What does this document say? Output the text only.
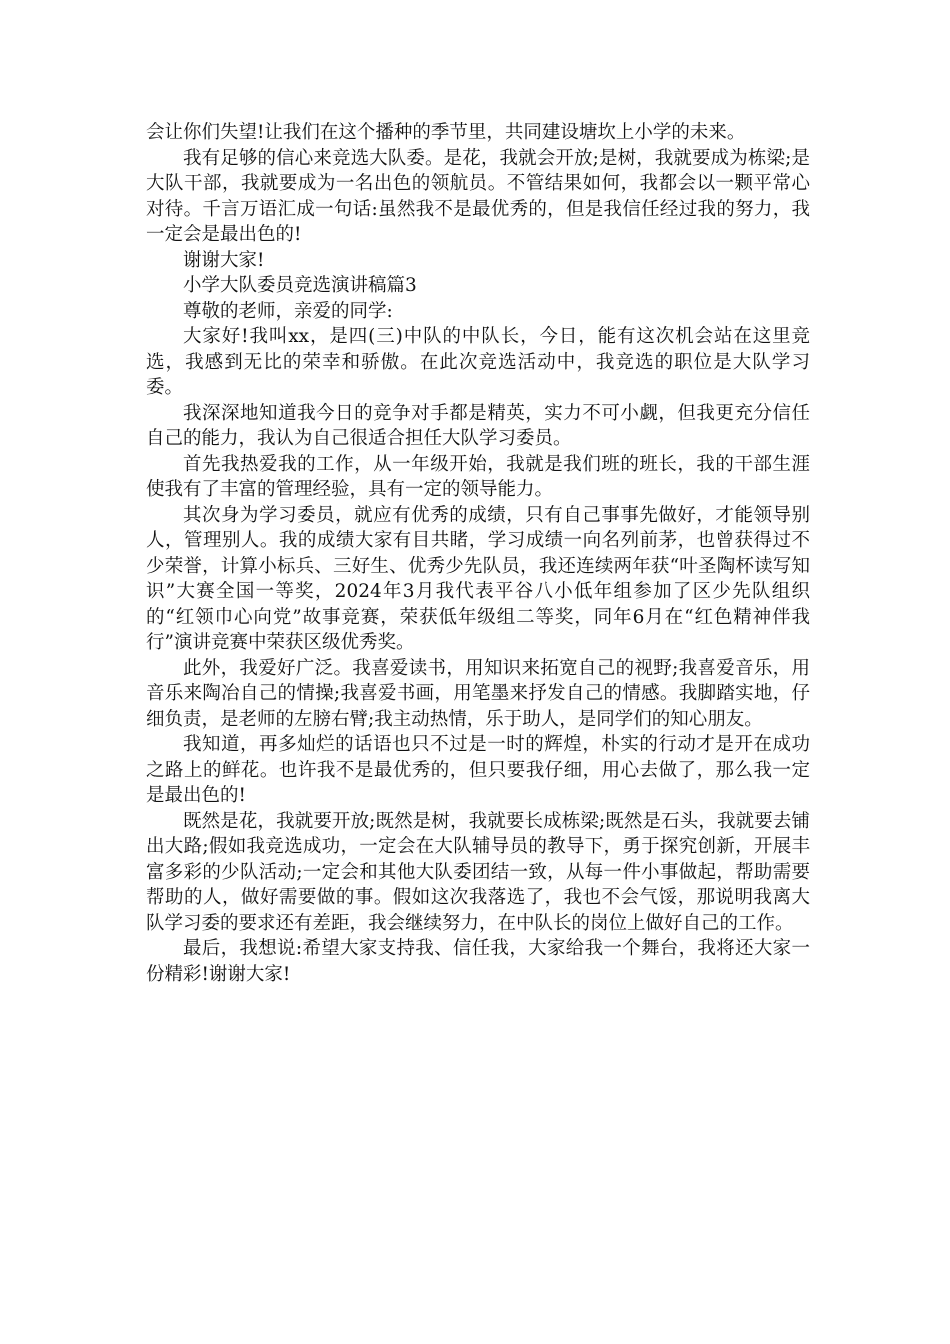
会让你们失望!让我们在这个播种的季节里，共同建设塘坎上小学的未来。

我有足够的信心来竞选大队委。是花，我就会开放;是树，我就要成为栋梁;是大队干部，我就要成为一名出色的领航员。不管结果如何，我都会以一颗平常心对待。千言万语汇成一句话:虽然我不是最优秀的，但是我信任经过我的努力，我一定会是最出色的!

谢谢大家!

小学大队委员竞选演讲稿篇3

尊敬的老师，亲爱的同学:

大家好!我叫xx，是四(三)中队的中队长，今日，能有这次机会站在这里竞选，我感到无比的荣幸和骄傲。在此次竞选活动中，我竞选的职位是大队学习委。

我深深地知道我今日的竞争对手都是精英，实力不可小觑，但我更充分信任自己的能力，我认为自己很适合担任大队学习委员。

首先我热爱我的工作，从一年级开始，我就是我们班的班长，我的干部生涯使我有了丰富的管理经验，具有一定的领导能力。

其次身为学习委员，就应有优秀的成绩，只有自己事事先做好，才能领导别人，管理别人。我的成绩大家有目共睹，学习成绩一向名列前茅，也曾获得过不少荣誉，计算小标兵、三好生、优秀少先队员，我还连续两年获“叶圣陶杯读写知识”大赛全国一等奖，2024年3月我代表平谷八小低年组参加了区少先队组织的“红领巾心向党”故事竞赛，荣获低年级组二等奖，同年6月在“红色精神伴我行”演讲竞赛中荣获区级优秀奖。

此外，我爱好广泛。我喜爱读书，用知识来拓宽自己的视野;我喜爱音乐，用音乐来陶冶自己的情操;我喜爱书画，用笔墨来抒发自己的情感。我脚踏实地，仔细负责，是老师的左膀右臂;我主动热情，乐于助人，是同学们的知心朋友。

我知道，再多灿烂的话语也只不过是一时的辉煌，朴实的行动才是开在成功之路上的鲜花。也许我不是最优秀的，但只要我仔细，用心去做了，那么我一定是最出色的!

既然是花，我就要开放;既然是树，我就要长成栋梁;既然是石头，我就要去铺出大路;假如我竞选成功，一定会在大队辅导员的教导下，勇于探究创新，开展丰富多彩的少队活动;一定会和其他大队委团结一致，从每一件小事做起，帮助需要帮助的人，做好需要做的事。假如这次我落选了，我也不会气馁，那说明我离大队学习委的要求还有差距，我会继续努力，在中队长的岗位上做好自己的工作。

最后，我想说:希望大家支持我、信任我，大家给我一个舞台，我将还大家一份精彩!谢谢大家!
